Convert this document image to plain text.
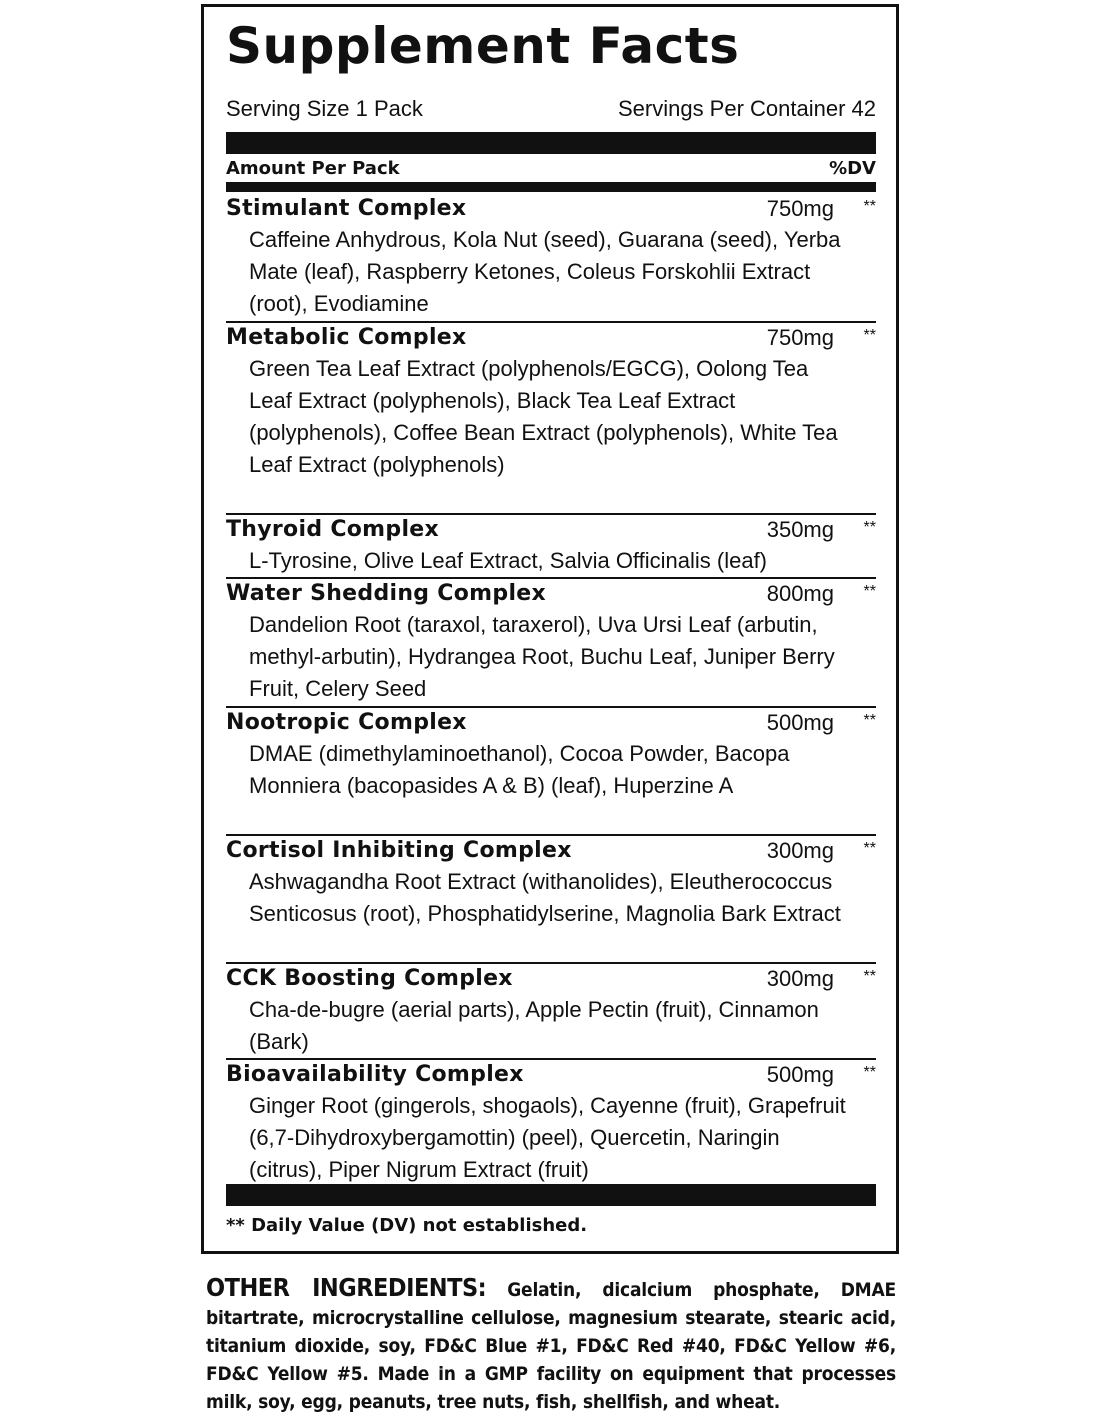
Supplement Facts
Serving Size 1 Pack	Servings Per Container 42
Amount Per Pack	%DV
Stimulant Complex	750mg **
Caffeine Anhydrous, Kola Nut (seed), Guarana (seed), Yerba Mate (leaf), Raspberry Ketones, Coleus Forskohlii Extract (root), Evodiamine
Metabolic Complex	750mg **
Green Tea Leaf Extract (polyphenols/EGCG), Oolong Tea Leaf Extract (polyphenols), Black Tea Leaf Extract (polyphenols), Coffee Bean Extract (polyphenols), White Tea Leaf Extract (polyphenols)
Thyroid Complex	350mg **
L-Tyrosine, Olive Leaf Extract, Salvia Officinalis (leaf)
Water Shedding Complex	800mg **
Dandelion Root (taraxol, taraxerol), Uva Ursi Leaf (arbutin, methyl-arbutin), Hydrangea Root, Buchu Leaf, Juniper Berry Fruit, Celery Seed
Nootropic Complex	500mg **
DMAE (dimethylaminoethanol), Cocoa Powder, Bacopa Monniera (bacopasides A & B) (leaf), Huperzine A
Cortisol Inhibiting Complex	300mg **
Ashwagandha Root Extract (withanolides), Eleutherococcus Senticosus (root), Phosphatidylserine, Magnolia Bark Extract
CCK Boosting Complex	300mg **
Cha-de-bugre (aerial parts), Apple Pectin (fruit), Cinnamon (Bark)
Bioavailability Complex	500mg **
Ginger Root (gingerols, shogaols), Cayenne (fruit), Grapefruit (6,7-Dihydroxybergamottin) (peel), Quercetin, Naringin (citrus), Piper Nigrum Extract (fruit)
** Daily Value (DV) not established.
OTHER INGREDIENTS: Gelatin, dicalcium phosphate, DMAE bitartrate, microcrystalline cellulose, magnesium stearate, stearic acid, titanium dioxide, soy, FD&C Blue #1, FD&C Red #40, FD&C Yellow #6, FD&C Yellow #5. Made in a GMP facility on equipment that processes milk, soy, egg, peanuts, tree nuts, fish, shellfish, and wheat.
